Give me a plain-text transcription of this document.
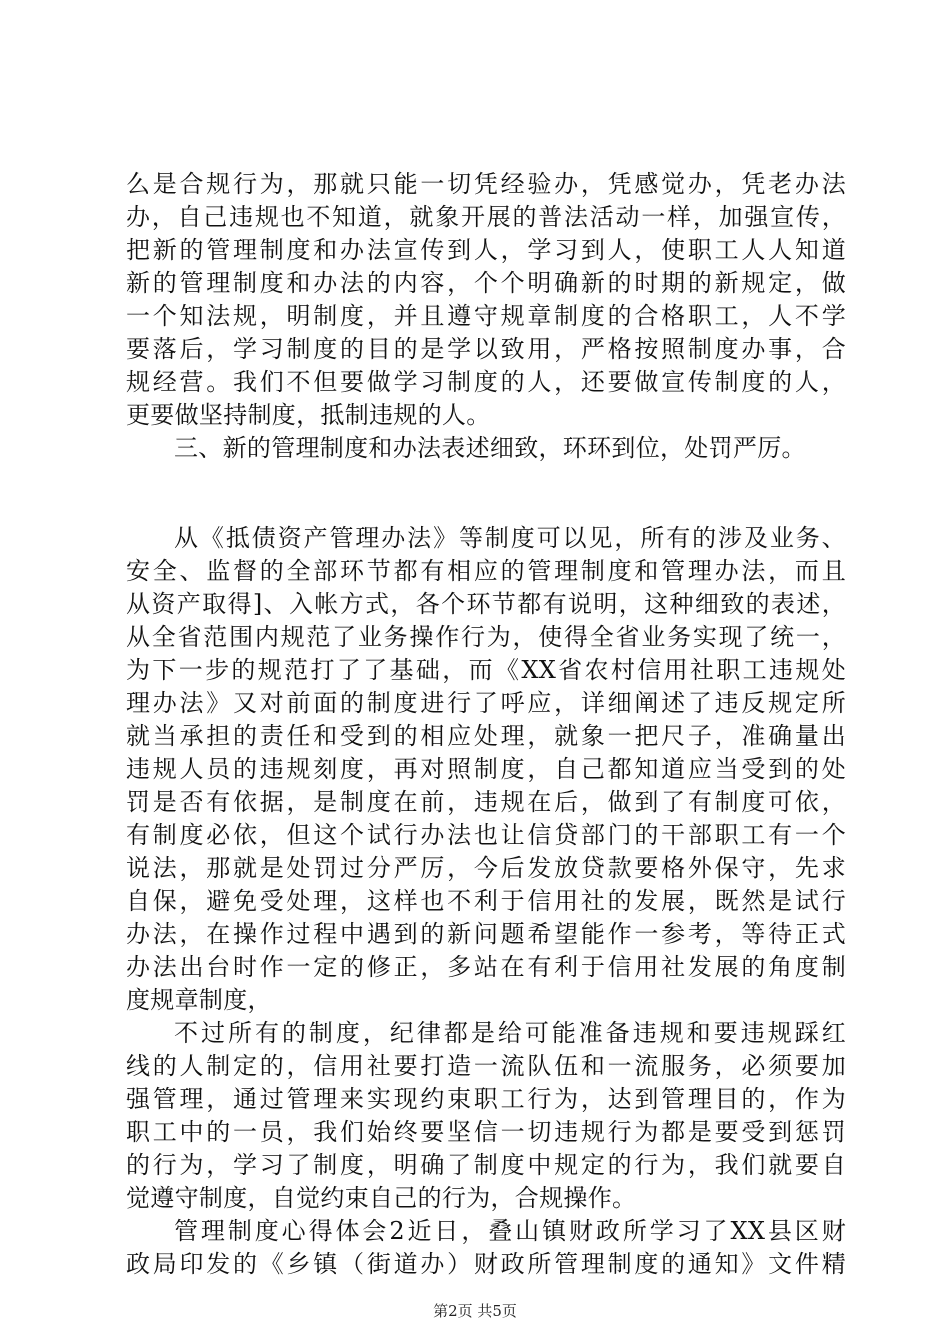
么是合规行为，那就只能一切凭经验办，凭感觉办，凭老办法
办，自己违规也不知道，就象开展的普法活动一样，加强宣传，
把新的管理制度和办法宣传到人，学习到人，使职工人人知道
新的管理制度和办法的内容，个个明确新的时期的新规定，做
一个知法规，明制度，并且遵守规章制度的合格职工，人不学
要落后，学习制度的目的是学以致用，严格按照制度办事，合
规经营。我们不但要做学习制度的人，还要做宣传制度的人，
更要做坚持制度，抵制违规的人。
三、新的管理制度和办法表述细致，环环到位，处罚严厉。
从《抵债资产管理办法》等制度可以见，所有的涉及业务、
安全、监督的全部环节都有相应的管理制度和管理办法，而且
从资产取得]、入帐方式，各个环节都有说明，这种细致的表述，
从全省范围内规范了业务操作行为，使得全省业务实现了统一，
为下一步的规范打了了基础，而《XX省农村信用社职工违规处
理办法》又对前面的制度进行了呼应，详细阐述了违反规定所
就当承担的责任和受到的相应处理，就象一把尺子，准确量出
违规人员的违规刻度，再对照制度，自己都知道应当受到的处
罚是否有依据，是制度在前，违规在后，做到了有制度可依，
有制度必依，但这个试行办法也让信贷部门的干部职工有一个
说法，那就是处罚过分严厉，今后发放贷款要格外保守，先求
自保，避免受处理，这样也不利于信用社的发展，既然是试行
办法，在操作过程中遇到的新问题希望能作一参考，等待正式
办法出台时作一定的修正，多站在有利于信用社发展的角度制
度规章制度，
不过所有的制度，纪律都是给可能准备违规和要违规踩红
线的人制定的，信用社要打造一流队伍和一流服务，必须要加
强管理，通过管理来实现约束职工行为，达到管理目的，作为
职工中的一员，我们始终要坚信一切违规行为都是要受到惩罚
的行为，学习了制度，明确了制度中规定的行为，我们就要自
觉遵守制度，自觉约束自己的行为，合规操作。
管理制度心得体会2近日，叠山镇财政所学习了XX县区财
政局印发的《乡镇（街道办）财政所管理制度的通知》文件精
第2页 共5页
